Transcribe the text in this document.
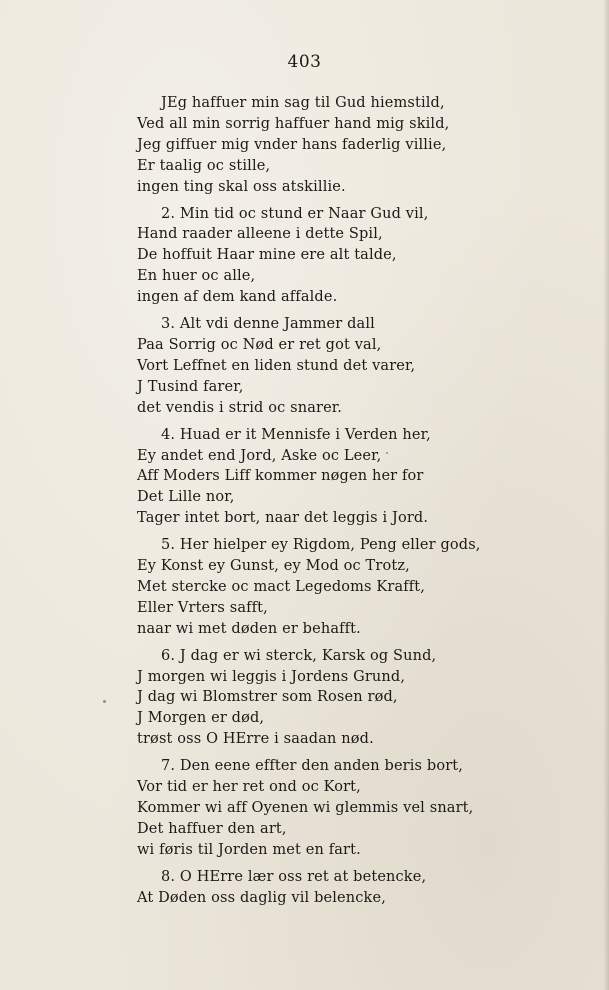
403
JEg haffuer min sag til Gud hiemstild,
Ved all min sorrig haffuer hand mig skild,
Jeg giffuer mig vnder hans faderlig villie,
Er taalig oc stille,
ingen ting skal oss atskillie.
2. Min tid oc stund er Naar Gud vil,
Hand raader alleene i dette Spil,
De hoffuit Haar mine ere alt talde,
En huer oc alle,
ingen af dem kand affalde.
3. Alt vdi denne Jammer dall
Paa Sorrig oc Nød er ret got val,
Vort Leffnet en liden stund det varer,
J Tusind farer,
det vendis i strid oc snarer.
4. Huad er it Mennisfe i Verden her,
Ey andet end Jord, Aske oc Leer,
Aff Moders Liff kommer nøgen her for
Det Lille nor,
Tager intet bort, naar det leggis i Jord.
5. Her hielper ey Rigdom, Peng eller gods,
Ey Konst ey Gunst, ey Mod oc Trotz,
Met stercke oc mact Legedoms Krafft,
Eller Vrters safft,
naar wi met døden er behafft.
6. J dag er wi sterck, Karsk og Sund,
J morgen wi leggis i Jordens Grund,
J dag wi Blomstrer som Rosen rød,
J Morgen er død,
trøst oss O HErre i saadan nød.
7. Den eene effter den anden beris bort,
Vor tid er her ret ond oc Kort,
Kommer wi aff Oyenen wi glemmis vel snart,
Det haffuer den art,
wi føris til Jorden met en fart.
8. O HErre lær oss ret at betencke,
At Døden oss daglig vil belencke,
